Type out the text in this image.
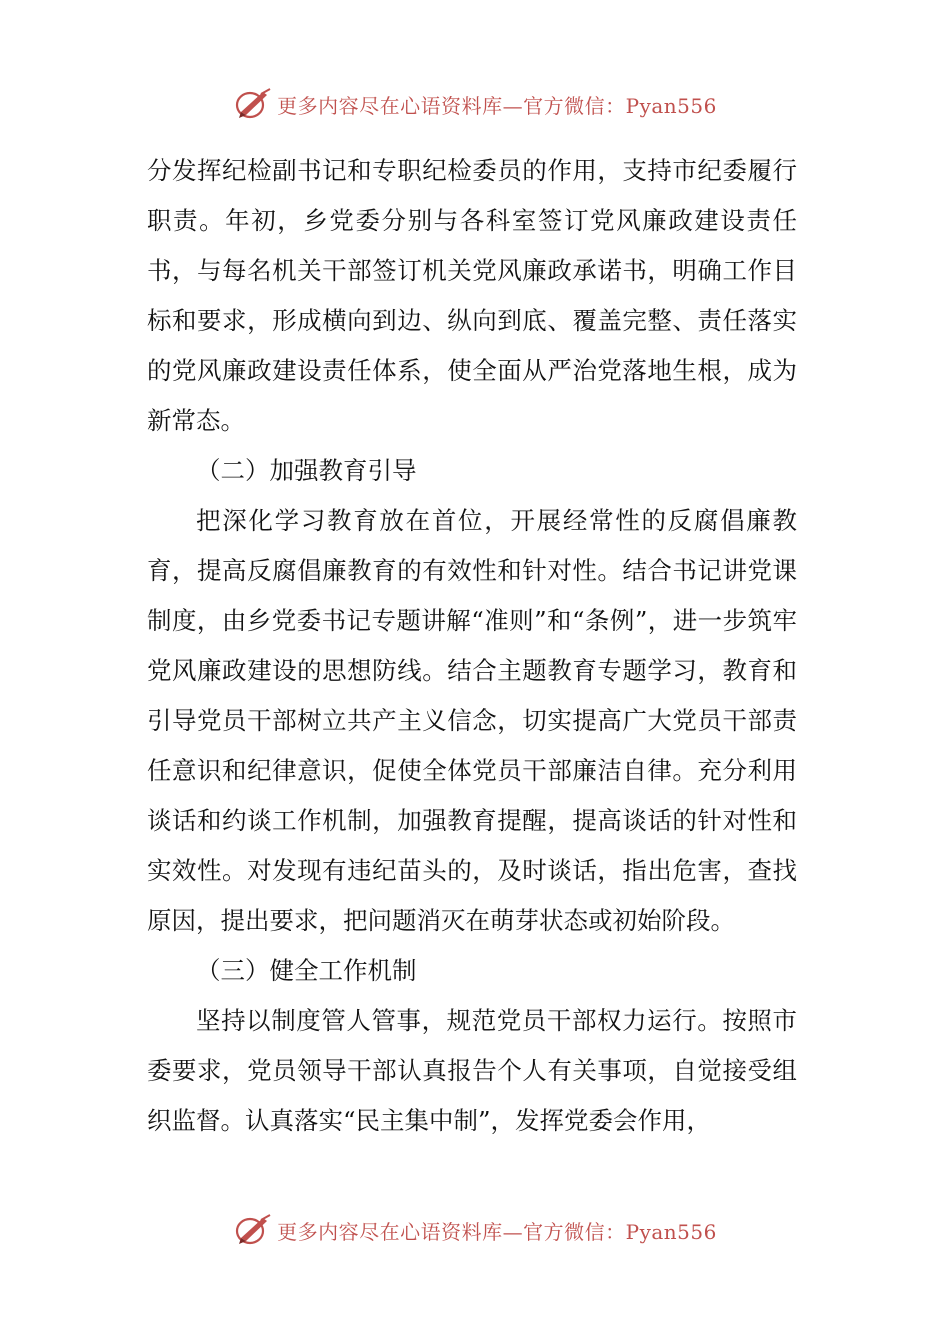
更多内容尽在心语资料库—官方微信：Pyan556

分发挥纪检副书记和专职纪检委员的作用，支持市纪委履行职责。年初，乡党委分别与各科室签订党风廉政建设责任书，与每名机关干部签订机关党风廉政承诺书，明确工作目标和要求，形成横向到边、纵向到底、覆盖完整、责任落实的党风廉政建设责任体系，使全面从严治党落地生根，成为新常态。

（二）加强教育引导

把深化学习教育放在首位，开展经常性的反腐倡廉教育，提高反腐倡廉教育的有效性和针对性。结合书记讲党课制度，由乡党委书记专题讲解“准则”和“条例”，进一步筑牢党风廉政建设的思想防线。结合主题教育专题学习，教育和引导党员干部树立共产主义信念，切实提高广大党员干部责任意识和纪律意识，促使全体党员干部廉洁自律。充分利用谈话和约谈工作机制，加强教育提醒，提高谈话的针对性和实效性。对发现有违纪苗头的，及时谈话，指出危害，查找原因，提出要求，把问题消灭在萌芽状态或初始阶段。

（三）健全工作机制

坚持以制度管人管事，规范党员干部权力运行。按照市委要求，党员领导干部认真报告个人有关事项，自觉接受组织监督。认真落实“民主集中制”，发挥党委会作用，

更多内容尽在心语资料库—官方微信：Pyan556
